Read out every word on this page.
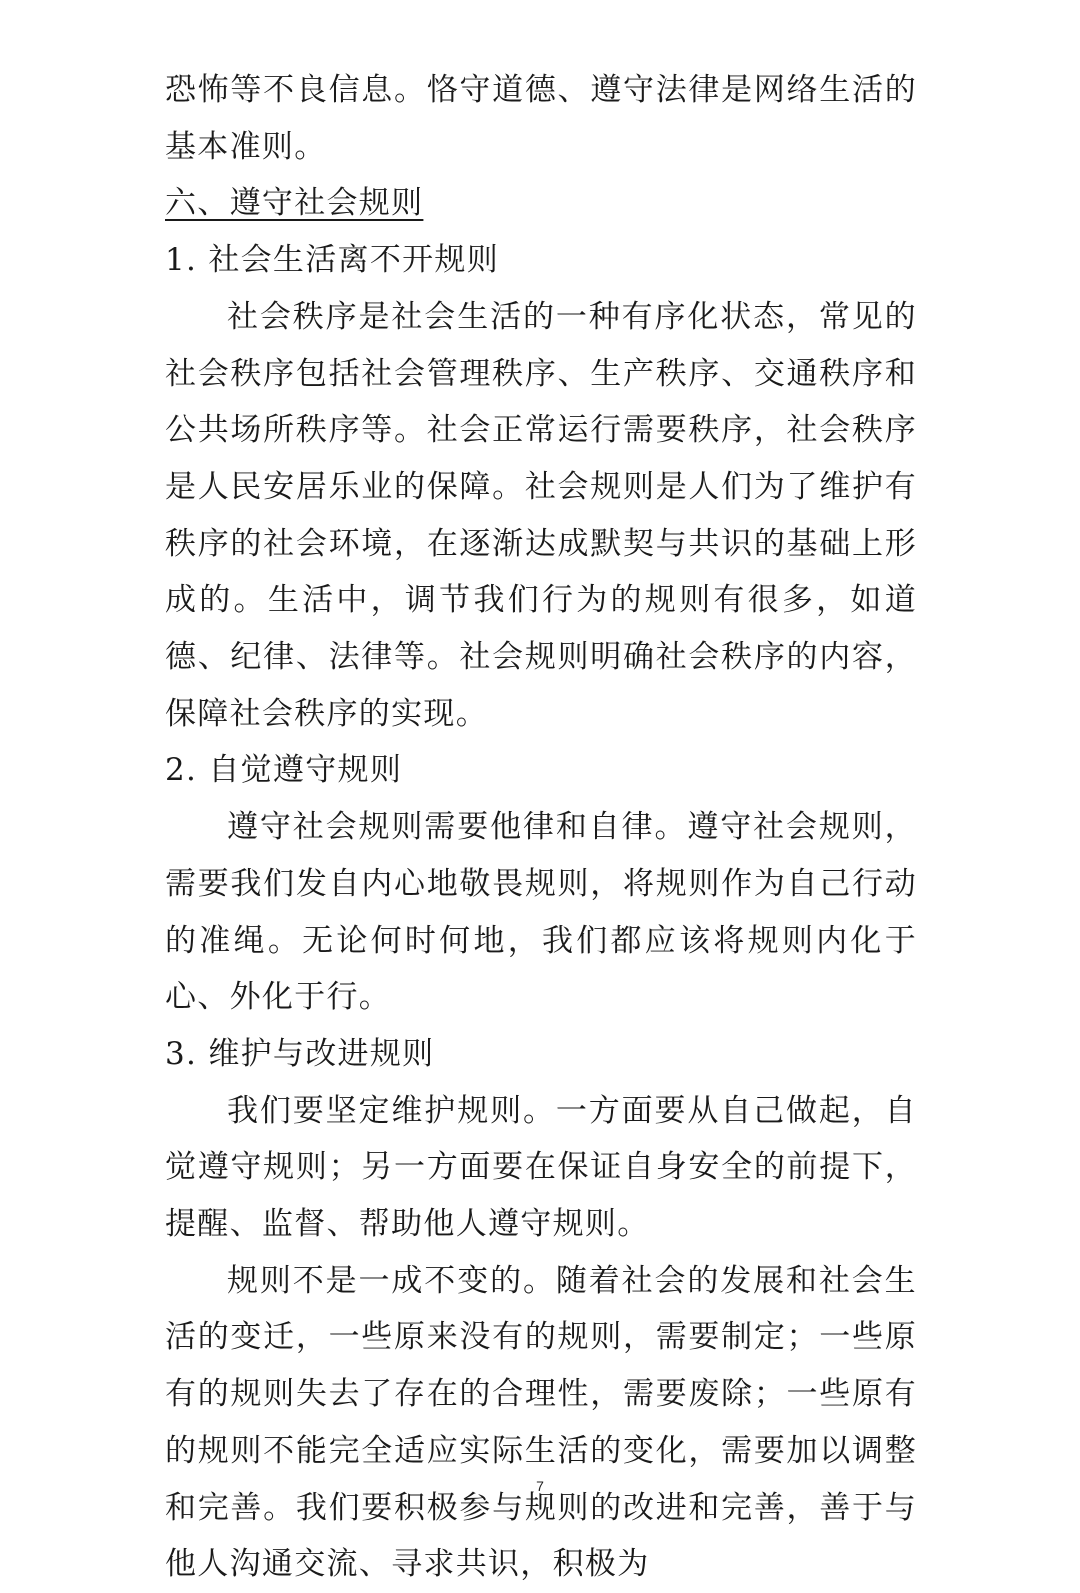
恐怖等不良信息。恪守道德、遵守法律是网络生活的基本准则。

六、遵守社会规则

1. 社会生活离不开规则

社会秩序是社会生活的一种有序化状态，常见的社会秩序包括社会管理秩序、生产秩序、交通秩序和公共场所秩序等。社会正常运行需要秩序，社会秩序是人民安居乐业的保障。社会规则是人们为了维护有秩序的社会环境，在逐渐达成默契与共识的基础上形成的。生活中，调节我们行为的规则有很多，如道德、纪律、法律等。社会规则明确社会秩序的内容，保障社会秩序的实现。

2. 自觉遵守规则

遵守社会规则需要他律和自律。遵守社会规则，需要我们发自内心地敬畏规则，将规则作为自己行动的准绳。无论何时何地，我们都应该将规则内化于心、外化于行。

3. 维护与改进规则

我们要坚定维护规则。一方面要从自己做起，自觉遵守规则；另一方面要在保证自身安全的前提下，提醒、监督、帮助他人遵守规则。

规则不是一成不变的。随着社会的发展和社会生活的变迁，一些原来没有的规则，需要制定；一些原有的规则失去了存在的合理性，需要废除；一些原有的规则不能完全适应实际生活的变化，需要加以调整和完善。我们要积极参与规则的改进和完善，善于与他人沟通交流、寻求共识，积极为

7
